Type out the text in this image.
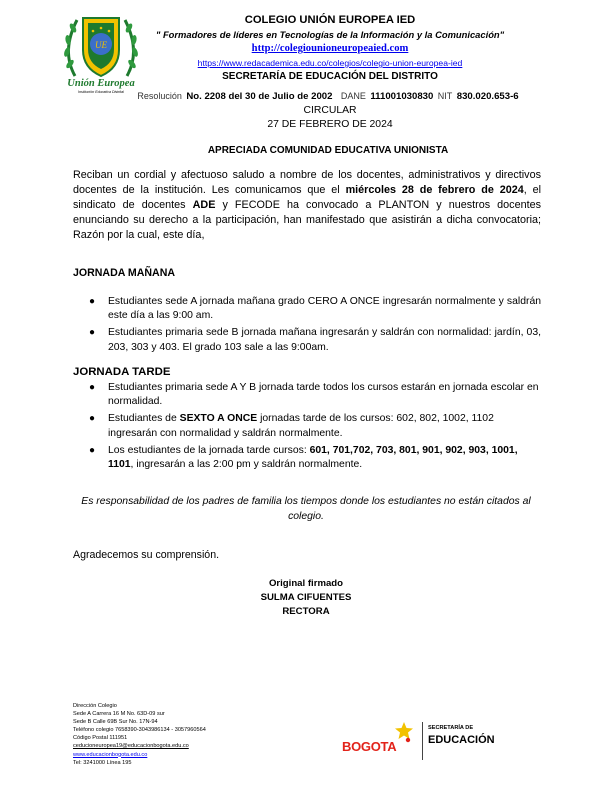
UE
Unión Europea
Institución Educativa Distrital
COLEGIO UNIÓN EUROPEA IED
" Formadores de líderes en Tecnologías de la Información y la Comunicación"
http://colegiounioneuropeaied.com
https://www.redacademica.edu.co/colegios/colegio-union-europea-ied
SECRETARÍA DE EDUCACIÓN DEL DISTRITO
Resolución No. 2208 del 30 de Julio de 2002 DANE 111001030830 NIT 830.020.653-6
CIRCULAR
27 DE FEBRERO DE 2024
APRECIADA COMUNIDAD EDUCATIVA UNIONISTA

Reciban un cordial y afectuoso saludo a nombre de los docentes, administrativos y directivos docentes de la institución. Les comunicamos que el miércoles 28 de febrero de 2024, el sindicato de docentes ADE y FECODE ha convocado a PLANTON y nuestros docentes enunciando su derecho a la participación, han manifestado que asistirán a dicha convocatoria; Razón por la cual, este día,

JORNADA MAÑANA
● Estudiantes sede A jornada mañana grado CERO A ONCE ingresarán normalmente y saldrán este día a las 9:00 am.
● Estudiantes primaria sede B jornada mañana ingresarán y saldrán con normalidad: jardín, 03, 203, 303 y 403. El grado 103 sale a las 9:00am.
JORNADA TARDE
● Estudiantes primaria sede A Y B jornada tarde todos los cursos estarán en jornada escolar en normalidad.
● Estudiantes de SEXTO A ONCE jornadas tarde de los cursos: 602, 802, 1002, 1102 ingresarán con normalidad y saldrán normalmente.
● Los estudiantes de la jornada tarde cursos: 601, 701,702, 703, 801, 901, 902, 903, 1001, 1101, ingresarán a las 2:00 pm y saldrán normalmente.

Es responsabilidad de los padres de familia los tiempos donde los estudiantes no están citados al colegio.

Agradecemos su comprensión.
Original firmado
SULMA CIFUENTES
RECTORA
Dirección Colegio
Sede A Carrera 16 M No. 63D-09 sur
Sede B Calle 69B Sur No. 17N-94
Teléfono colegio 7658390-3043986134 - 3057960564
Código Postal 111951
ceducioneuropea19@educacionbogota.edu.co
www.educacionbogota.edu.co
Tel: 3241000 Línea 195
BOGOTA
SECRETARÍA DE
EDUCACIÓN
